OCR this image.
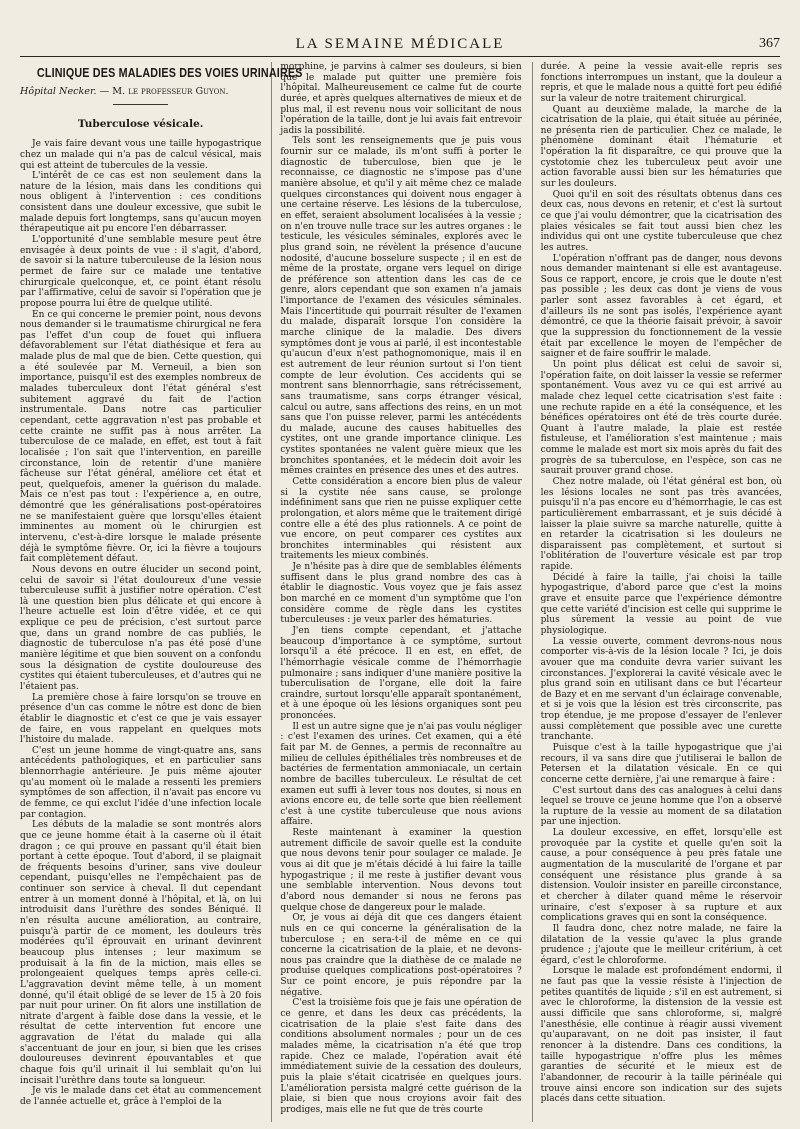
LA SEMAINE MÉDICALE	367
CLINIQUE DES MALADIES DES VOIES URINAIRES

Hôpital Necker. — M. le professeur Guyon.

Tuberculose vésicale.

Je vais faire devant vous une taille hypogastrique chez un malade qui n'a pas de calcul vésical, mais qui est atteint de tubercules de la vessie.

L'intérêt de ce cas est non seulement dans la nature de la lésion, mais dans les conditions qui nous obligent à l'intervention : ces conditions consistent dans une douleur excessive, que subit le malade depuis fort longtemps, sans qu'aucun moyen thérapeutique ait pu encore l'en débarrasser.

L'opportunité d'une semblable mesure peut être envisagée à deux points de vue : il s'agit, d'abord, de savoir si la nature tuberculeuse de la lésion nous permet de faire sur ce malade une tentative chirurgicale quelconque, et, ce point étant résolu par l'affirmative, celui de savoir si l'opération que je propose pourra lui être de quelque utilité.

En ce qui concerne le premier point, nous devons nous demander si le traumatisme chirurgical ne fera pas l'effet d'un coup de fouet qui influera défavorablement sur l'état diathésique et fera au malade plus de mal que de bien. Cette question, qui a été soulevée par M. Verneuil, a bien son importance, puisqu'il est des exemples nombreux de malades tuberculeux dont l'état général s'est subitement aggravé du fait de l'action instrumentale. Dans notre cas particulier cependant, cette aggravation n'est pas probable et cette crainte ne suffit pas à nous arrêter. La tuberculose de ce malade, en effet, est tout à fait localisée ; l'on sait que l'intervention, en pareille circonstance, loin de retentir d'une manière fâcheuse sur l'état général, améliore cet état et peut, quelquefois, amener la guérison du malade. Mais ce n'est pas tout : l'expérience a, en outre, démontré que les généralisations post-opératoires ne se manifestaient guère que lorsqu'elles étaient imminentes au moment où le chirurgien est intervenu, c'est-à-dire lorsque le malade présente déjà le symptôme fièvre. Or, ici la fièvre a toujours fait complètement défaut.

Nous devons en outre élucider un second point, celui de savoir si l'état douloureux d'une vessie tuberculeuse suffit à justifier notre opération. C'est là une question bien plus délicate et qui encore à l'heure actuelle est loin d'être vidée, et ce qui explique ce peu de précision, c'est surtout parce que, dans un grand nombre de cas publiés, le diagnostic de tuberculose n'a pas été posé d'une manière légitime et que bien souvent on a confondu sous la désignation de cystite douloureuse des cystites qui étaient tuberculeuses, et d'autres qui ne l'étaient pas.

La première chose à faire lorsqu'on se trouve en présence d'un cas comme le nôtre est donc de bien établir le diagnostic et c'est ce que je vais essayer de faire, en vous rappelant en quelques mots l'histoire du malade.

C'est un jeune homme de vingt-quatre ans, sans antécédents pathologiques, et en particulier sans blennorrhagie antérieure. Je puis même ajouter qu'au moment où le malade a ressenti les premiers symptômes de son affection, il n'avait pas encore vu de femme, ce qui exclut l'idée d'une infection locale par contagion.

Les débuts de la maladie se sont montrés alors que ce jeune homme était à la caserne où il était dragon ; ce qui prouve en passant qu'il était bien portant à cette époque. Tout d'abord, il se plaignait de fréquents besoins d'uriner, sans vive douleur cependant, puisqu'elles ne l'empêchaient pas de continuer son service à cheval. Il dut cependant entrer à un moment donné à l'hôpital, et là, on lui introduisit dans l'urèthre des sondes Béniqué. Il n'en résulta aucune amélioration, au contraire, puisqu'à partir de ce moment, les douleurs très modérées qu'il éprouvait en urinant devinrent beaucoup plus intenses ; leur maximum se produisait à la fin de la miction, mais elles se prolongeaient quelques temps après celle-ci. L'aggravation devint même telle, à un moment donné, qu'il était obligé de se lever de 15 à 20 fois par nuit pour uriner. On fit alors une instillation de nitrate d'argent à faible dose dans la vessie, et le résultat de cette intervention fut encore une aggravation de l'état du malade qui alla s'accentuant de jour en jour, si bien que les crises douloureuses devinrent épouvantables et que chaque fois qu'il urinait il lui semblait qu'on lui incisait l'urèthre dans toute sa longueur.

Je vis le malade dans cet état au commencement de l'année actuelle et, grâce à l'emploi de la

morphine, je parvins à calmer ses douleurs, si bien que le malade put quitter une première fois l'hôpital. Malheureusement ce calme fut de courte durée, et après quelques alternatives de mieux et de plus mal, il est revenu nous voir sollicitant de nous l'opération de la taille, dont je lui avais fait entrevoir jadis la possibilité.

Tels sont les renseignements que je puis vous fournir sur ce malade, ils m'ont suffi à porter le diagnostic de tuberculose, bien que je le reconnaisse, ce diagnostic ne s'impose pas d'une manière absolue, et qu'il y ait même chez ce malade quelques circonstances qui doivent nous engager à une certaine réserve. Les lésions de la tuberculose, en effet, seraient absolument localisées à la vessie ; on n'en trouve nulle trace sur les autres organes : le testicule, les vésicules séminales, explorés avec le plus grand soin, ne révèlent la présence d'aucune nodosité, d'aucune bosselure suspecte ; il en est de même de la prostate, organe vers lequel on dirige de préférence son attention dans les cas de ce genre, alors cependant que son examen n'a jamais l'importance de l'examen des vésicules séminales. Mais l'incertitude qui pourrait résulter de l'examen du malade, disparaît lorsque l'on considère la marche clinique de la maladie. Des divers symptômes dont je vous ai parlé, il est incontestable qu'aucun d'eux n'est pathognomonique, mais il en est autrement de leur réunion surtout si l'on tient compte de leur évolution. Ces accidents qui se montrent sans blennorrhagie, sans rétrécissement, sans traumatisme, sans corps étranger vésical, calcul ou autre, sans affections des reins, en un mot sans que l'on puisse relever, parmi les antécédents du malade, aucune des causes habituelles des cystites, ont une grande importance clinique. Les cystites spontanées ne valent guère mieux que les bronchites spontanées, et le médecin doit avoir les mêmes craintes en présence des unes et des autres.

Cette considération a encore bien plus de valeur si la cystite née sans cause, se prolonge indéfiniment sans que rien ne puisse expliquer cette prolongation, et alors même que le traitement dirigé contre elle a été des plus rationnels. A ce point de vue encore, on peut comparer ces cystites aux bronchites interminables qui résistent aux traitements les mieux combinés.

Je n'hésite pas à dire que de semblables éléments suffisent dans le plus grand nombre des cas à établir le diagnostic. Vous voyez que je fais assez bon marché en ce moment d'un symptôme que l'on considère comme de règle dans les cystites tuberculeuses : je veux parler des hématuries.

J'en tiens compte cependant, et j'attache beaucoup d'importance à ce symptôme, surtout lorsqu'il a été précoce. Il en est, en effet, de l'hémorrhagie vésicale comme de l'hémorrhagie pulmonaire ; sans indiquer d'une manière positive la tuberculisation de l'organe, elle doit la faire craindre, surtout lorsqu'elle apparaît spontanément, et à une époque où les lésions organiques sont peu prononcées.

Il est un autre signe que je n'ai pas voulu négliger : c'est l'examen des urines. Cet examen, qui a été fait par M. de Gennes, a permis de reconnaître au milieu de cellules épithéliales très nombreuses et de bactéries de fermentation ammoniacale, un certain nombre de bacilles tuberculeux. Le résultat de cet examen eut suffi à lever tous nos doutes, si nous en avions encore eu, de telle sorte que bien réellement c'est à une cystite tuberculeuse que nous avions affaire.

Reste maintenant à examiner la question autrement difficile de savoir quelle est la conduite que nous devons tenir pour soulager ce malade. Je vous ai dit que je m'étais décidé à lui faire la taille hypogastrique ; il me reste à justifier devant vous une semblable intervention. Nous devons tout d'abord nous demander si nous ne ferons pas quelque chose de dangereux pour le malade.

Or, je vous ai déjà dit que ces dangers étaient nuls en ce qui concerne la généralisation de la tuberculose ; en sera-t-il de même en ce qui concerne la cicatrisation de la plaie, et ne devons-nous pas craindre que la diathèse de ce malade ne produise quelques complications post-opératoires ? Sur ce point encore, je puis répondre par la négative.

C'est la troisième fois que je fais une opération de ce genre, et dans les deux cas précédents, la cicatrisation de la plaie s'est faite dans des conditions absolument normales ; pour un de ces malades même, la cicatrisation n'a été que trop rapide. Chez ce malade, l'opération avait été immédiatement suivie de la cessation des douleurs, puis la plaie s'était cicatrisée en quelques jours. L'amélioration persista malgré cette guérison de la plaie, si bien que nous croyions avoir fait des prodiges, mais elle ne fut que de très courte

durée. A peine la vessie avait-elle repris ses fonctions interrompues un instant, que la douleur a repris, et que le malade nous a quitté fort peu édifié sur la valeur de notre traitement chirurgical.

Quant au deuxième malade, la marche de la cicatrisation de la plaie, qui était située au périnée, ne présenta rien de particulier. Chez ce malade, le phénomène dominant était l'hématurie et l'opération la fit disparaître, ce qui prouve que la cystotomie chez les tuberculeux peut avoir une action favorable aussi bien sur les hématuries que sur les douleurs.

Quoi qu'il en soit des résultats obtenus dans ces deux cas, nous devons en retenir, et c'est là surtout ce que j'ai voulu démontrer, que la cicatrisation des plaies vésicales se fait tout aussi bien chez les individus qui ont une cystite tuberculeuse que chez les autres.

L'opération n'offrant pas de danger, nous devons nous demander maintenant si elle est avantageuse. Sous ce rapport, encore, je crois que le doute n'est pas possible ; les deux cas dont je viens de vous parler sont assez favorables à cet égard, et d'ailleurs ils ne sont pas isolés, l'expérience ayant démontré, ce que la théorie faisait prévoir, à savoir que la suppression du fonctionnement de la vessie était par excellence le moyen de l'empêcher de saigner et de faire souffrir le malade.

Un point plus délicat est celui de savoir si, l'opération faite, on doit laisser la vessie se refermer spontanément. Vous avez vu ce qui est arrivé au malade chez lequel cette cicatrisation s'est faite : une rechute rapide en a été la conséquence, et les bénéfices opératoires ont été de très courte durée. Quant à l'autre malade, la plaie est restée fistuleuse, et l'amélioration s'est maintenue ; mais comme le malade est mort six mois après du fait des progrès de sa tuberculose, en l'espèce, son cas ne saurait prouver grand chose.

Chez notre malade, où l'état général est bon, où les lésions locales ne sont pas très avancées, puisqu'il n'a pas encore eu d'hémorrhagie, le cas est particulièrement embarrassant, et je suis décidé à laisser la plaie suivre sa marche naturelle, quitte à en retarder la cicatrisation si les douleurs ne disparaissent pas complètement, et surtout si l'oblitération de l'ouverture vésicale est par trop rapide.

Décidé à faire la taille, j'ai choisi la taille hypogastrique, d'abord parce que c'est la moins grave et ensuite parce que l'expérience démontre que cette variété d'incision est celle qui supprime le plus sûrement la vessie au point de vue physiologique.

La vessie ouverte, comment devrons-nous nous comporter vis-à-vis de la lésion locale ? Ici, je dois avouer que ma conduite devra varier suivant les circonstances. J'explorerai la cavité vésicale avec le plus grand soin en utilisant dans ce but l'écarteur de Bazy et en me servant d'un éclairage convenable, et si je vois que la lésion est très circonscrite, pas trop étendue, je me propose d'essayer de l'enlever aussi complètement que possible avec une curette tranchante.

Puisque c'est à la taille hypogastrique que j'ai recours, il va sans dire que j'utiliserai le ballon de Petersen et la dilatation vésicale. En ce qui concerne cette dernière, j'ai une remarque à faire :

C'est surtout dans des cas analogues à celui dans lequel se trouve ce jeune homme que l'on a observé la rupture de la vessie au moment de sa dilatation par une injection.

La douleur excessive, en effet, lorsqu'elle est provoquée par la cystite et quelle qu'en soit la cause, a pour conséquence à peu près fatale une augmentation de la muscularité de l'organe et par conséquent une résistance plus grande à sa distension. Vouloir insister en pareille circonstance, et chercher à dilater quand même le réservoir urinaire, c'est s'exposer à sa rupture et aux complications graves qui en sont la conséquence.

Il faudra donc, chez notre malade, ne faire la dilatation de la vessie qu'avec la plus grande prudence ; j'ajoute que le meilleur critérium, à cet égard, c'est le chloroforme.

Lorsque le malade est profondément endormi, il ne faut pas que la vessie résiste à l'injection de petites quantités de liquide ; s'il en est autrement, si avec le chloroforme, la distension de la vessie est aussi difficile que sans chloroforme, si, malgré l'anesthésie, elle continue à réagir aussi vivement qu'auparavant, on ne doit pas insister, il faut renoncer à la distendre. Dans ces conditions, la taille hypogastrique n'offre plus les mêmes garanties de sécurité et le mieux est de l'abandonner, de recourir à la taille périnéale qui trouve ainsi encore son indication sur des sujets placés dans cette situation.
